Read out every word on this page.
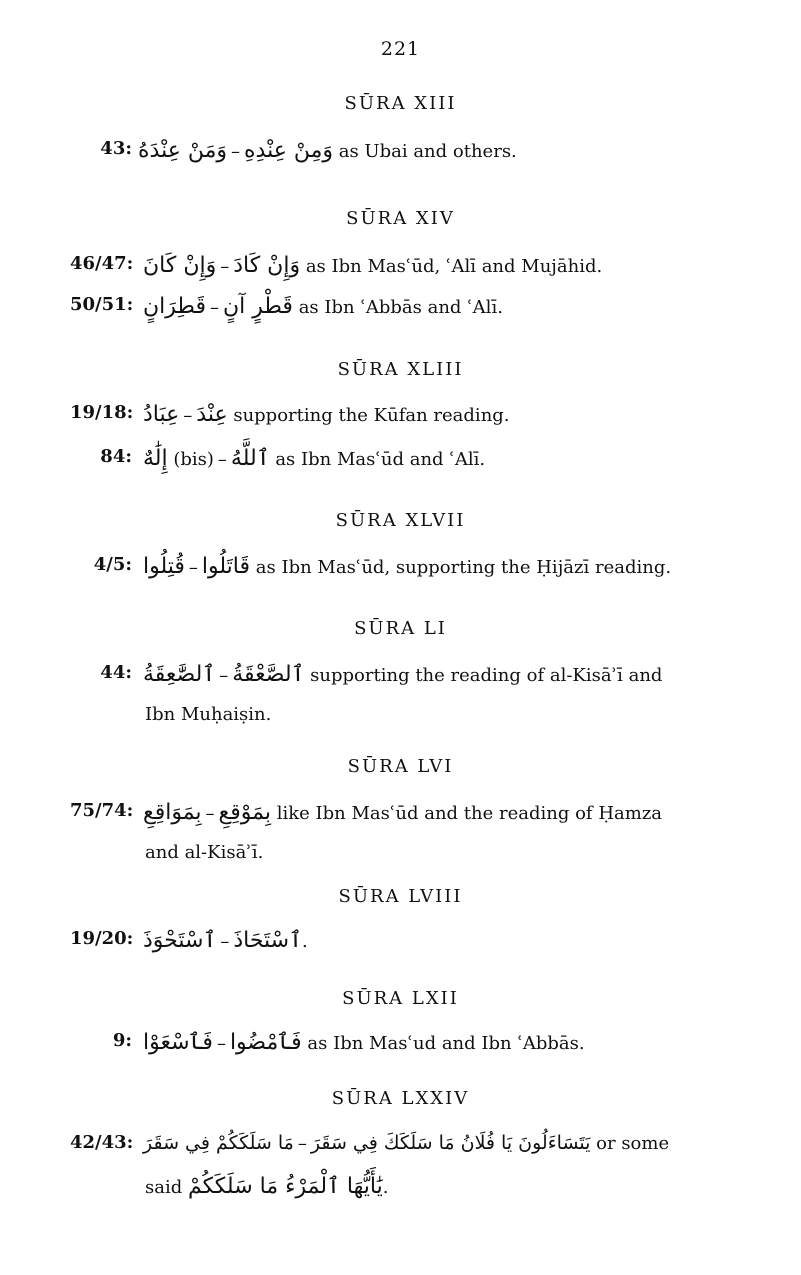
221
SŪRA XIII
43: وَمَنْ عِنْدَهُ – وَمِنْ عِنْدِهِ as Ubai and others.
SŪRA XIV
46/47: وَإِنْ كَانَ – وَإِنْ كَادَ as Ibn Masʿūd, ʿAlī and Mujāhid.
50/51: قَطِرَانٍ – قَطْرٍ آنٍ as Ibn ʿAbbās and ʿAlī.
SŪRA XLIII
19/18: عِبَادُ – عِنْدَ supporting the Kūfan reading.
84: إِلَٰهٌ (bis) – ٱللَّهُ as Ibn Masʿūd and ʿAlī.
SŪRA XLVII
4/5: قُتِلُوا – قَاتَلُوا as Ibn Masʿūd, supporting the Ḥijāzī reading.
SŪRA LI
44: ٱلصَّٰعِقَةُ – ٱلصَّعْقَةُ supporting the reading of al-Kisāʾī and
Ibn Muḥaiṣin.
SŪRA LVI
75/74: بِمَوَاقِعِ – بِمَوْقِعِ like Ibn Masʿūd and the reading of Ḥamza
and al-Kisāʾī.
SŪRA LVIII
19/20: ٱسْتَحْوَذَ – ٱسْتَحَاذَ.
SŪRA LXII
9: فَٱسْعَوْا – فَٱمْضُوا as Ibn Masʿud and Ibn ʿAbbās.
SŪRA LXXIV
42/43: مَا سَلَكَكُمْ فِي سَقَرَ – يَتَسَاءَلُونَ يَا فُلَانُ مَا سَلَكَكَ فِي سَقَرَ or some
said يَٰأَيُّهَا ٱلْمَرْءُ مَا سَلَكَكُمْ.
